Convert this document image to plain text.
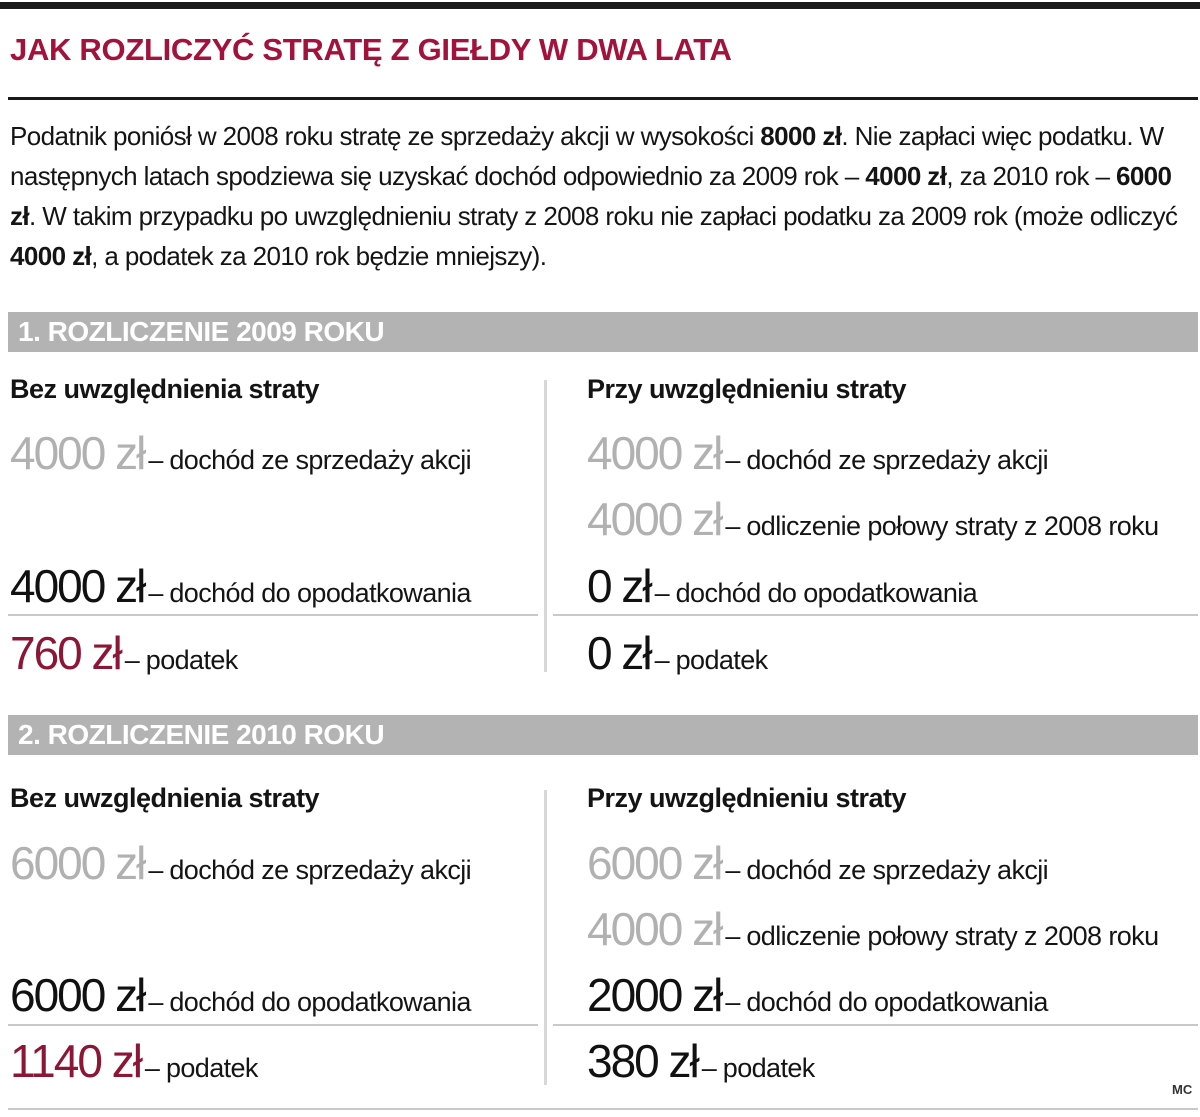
JAK ROZLICZYĆ STRATĘ Z GIEŁDY W DWA LATA

Podatnik poniósł w 2008 roku stratę ze sprzedaży akcji w wysokości 8000 zł. Nie zapłaci więc podatku. W następnych latach spodziewa się uzyskać dochód odpowiednio za 2009 rok – 4000 zł, za 2010 rok – 6000 zł. W takim przypadku po uwzględnieniu straty z 2008 roku nie zapłaci podatku za 2009 rok (może odliczyć 4000 zł, a podatek za 2010 rok będzie mniejszy).

1. ROZLICZENIE 2009 ROKU
Bez uwzględnienia straty	Przy uwzględnieniu straty
4000 zł – dochód ze sprzedaży akcji
4000 zł – dochód do opodatkowania
760 zł – podatek
4000 zł – dochód ze sprzedaży akcji
4000 zł – odliczenie połowy straty z 2008 roku
0 zł – dochód do opodatkowania
0 zł – podatek
2. ROZLICZENIE 2010 ROKU
Bez uwzględnienia straty	Przy uwzględnieniu straty
6000 zł – dochód ze sprzedaży akcji
6000 zł – dochód do opodatkowania
1140 zł – podatek
6000 zł – dochód ze sprzedaży akcji
4000 zł – odliczenie połowy straty z 2008 roku
2000 zł – dochód do opodatkowania
380 zł – podatek
MC
